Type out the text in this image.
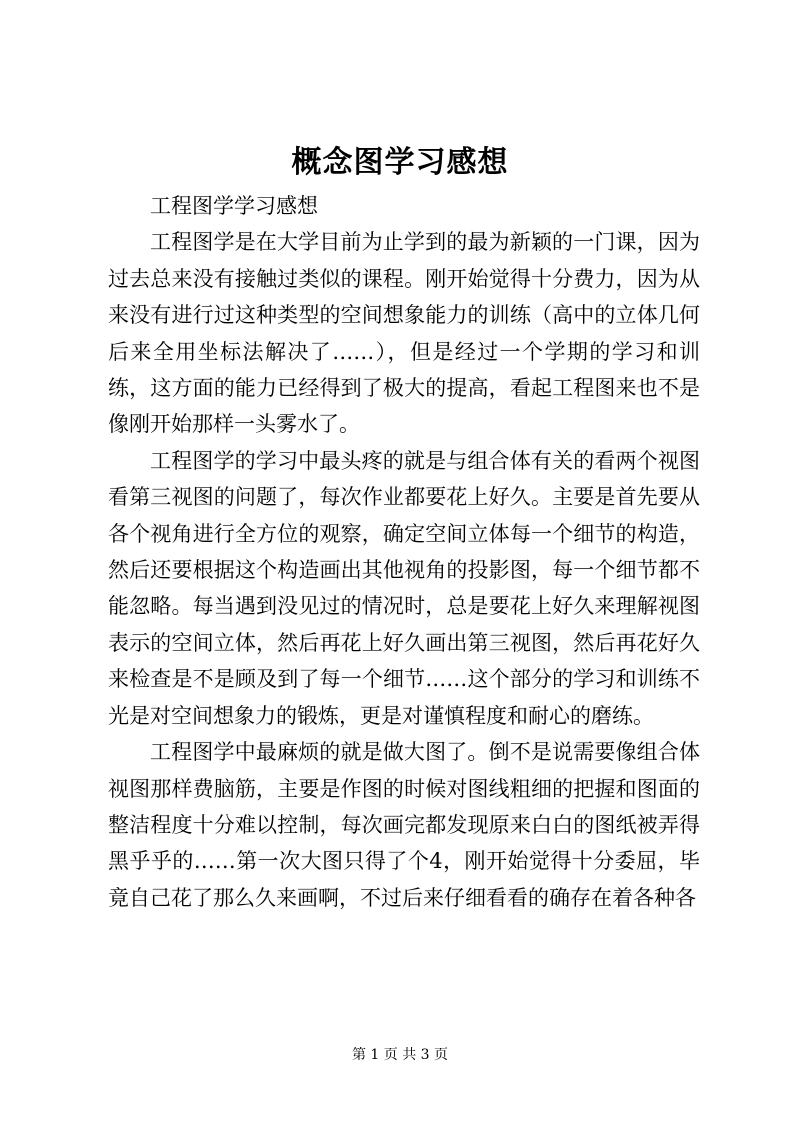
概念图学习感想

工程图学学习感想

工程图学是在大学目前为止学到的最为新颖的一门课，因为过去总来没有接触过类似的课程。刚开始觉得十分费力，因为从来没有进行过这种类型的空间想象能力的训练（高中的立体几何后来全用坐标法解决了……），但是经过一个学期的学习和训练，这方面的能力已经得到了极大的提高，看起工程图来也不是像刚开始那样一头雾水了。

工程图学的学习中最头疼的就是与组合体有关的看两个视图看第三视图的问题了，每次作业都要花上好久。主要是首先要从各个视角进行全方位的观察，确定空间立体每一个细节的构造，然后还要根据这个构造画出其他视角的投影图，每一个细节都不能忽略。每当遇到没见过的情况时，总是要花上好久来理解视图表示的空间立体，然后再花上好久画出第三视图，然后再花好久来检查是不是顾及到了每一个细节……这个部分的学习和训练不光是对空间想象力的锻炼，更是对谨慎程度和耐心的磨练。

工程图学中最麻烦的就是做大图了。倒不是说需要像组合体视图那样费脑筋，主要是作图的时候对图线粗细的把握和图面的整洁程度十分难以控制，每次画完都发现原来白白的图纸被弄得黑乎乎的……第一次大图只得了个4，刚开始觉得十分委屈，毕竟自己花了那么久来画啊，不过后来仔细看看的确存在着各种各

第 1 页 共 3 页
